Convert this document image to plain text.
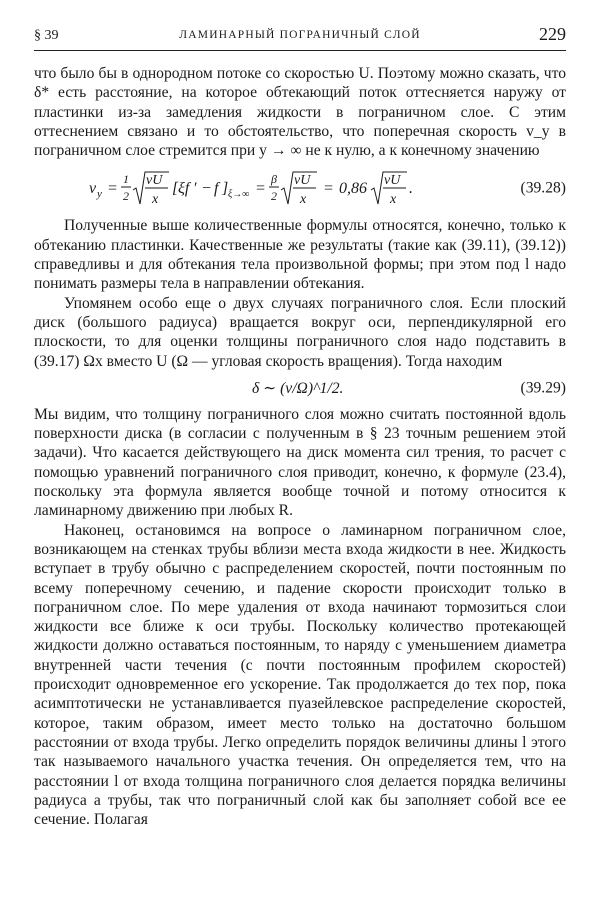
§ 39	ЛАМИНАРНЫЙ ПОГРАНИЧНЫЙ СЛОЙ	229

что было бы в однородном потоке со скоростью U. Поэтому можно сказать, что δ* есть расстояние, на которое обтекающий поток оттесняется наружу от пластинки из-за замедления жидкости в пограничном слое. С этим оттеснением связано и то обстоятельство, что поперечная скорость v_y в пограничном слое стремится при y → ∞ не к нулю, а к конечному значению

v y =
1
2
νU
x
[ ξf ′ − f ] ξ→∞ =
β
2
νU
x
= 0,86 νU
x
.	(39.28)

Полученные выше количественные формулы относятся, конечно, только к обтеканию пластинки. Качественные же результаты (такие как (39.11), (39.12)) справедливы и для обтекания тела произвольной формы; при этом под l надо понимать размеры тела в направлении обтекания.

Упомянем особо еще о двух случаях пограничного слоя. Если плоский диск (большого радиуса) вращается вокруг оси, перпендикулярной его плоскости, то для оценки толщины пограничного слоя надо подставить в (39.17) Ωx вместо U (Ω — угловая скорость вращения). Тогда находим

δ ∼ (ν/Ω)^1/2.	(39.29)

Мы видим, что толщину пограничного слоя можно считать постоянной вдоль поверхности диска (в согласии с полученным в § 23 точным решением этой задачи). Что касается действующего на диск момента сил трения, то расчет с помощью уравнений пограничного слоя приводит, конечно, к формуле (23.4), поскольку эта формула является вообще точной и потому относится к ламинарному движению при любых R.

Наконец, остановимся на вопросе о ламинарном пограничном слое, возникающем на стенках трубы вблизи места входа жидкости в нее. Жидкость вступает в трубу обычно с распределением скоростей, почти постоянным по всему поперечному сечению, и падение скорости происходит только в пограничном слое. По мере удаления от входа начинают тормозиться слои жидкости все ближе к оси трубы. Поскольку количество протекающей жидкости должно оставаться постоянным, то наряду с уменьшением диаметра внутренней части течения (с почти постоянным профилем скоростей) происходит одновременное его ускорение. Так продолжается до тех пор, пока асимптотически не устанавливается пуазейлевское распределение скоростей, которое, таким образом, имеет место только на достаточно большом расстоянии от входа трубы. Легко определить порядок величины длины l этого так называемого начального участка течения. Он определяется тем, что на расстоянии l от входа толщина пограничного слоя делается порядка величины радиуса a трубы, так что пограничный слой как бы заполняет собой все ее сечение. Полагая
